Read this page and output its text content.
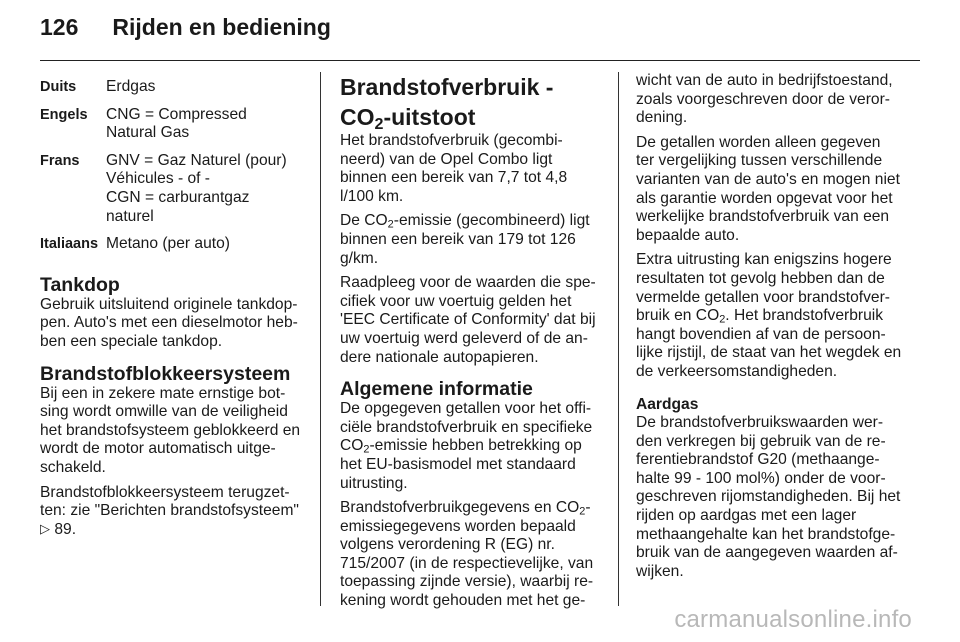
126 Rijden en bediening
Duits	Erdgas
Engels	CNG = Compressed
Natural Gas
Frans	GNV = Gaz Naturel (pour)
Véhicules - of -
CGN = carburantgaz
naturel
Italiaans Metano (per auto)
Tankdop

Gebruik uitsluitend originele tankdop-pen. Auto's met een dieselmotor heb-ben een speciale tankdop.

Brandstofblokkeersysteem

Bij een in zekere mate ernstige bot-sing wordt omwille van de veiligheid het brandstofsysteem geblokkeerd en wordt de motor automatisch uitge-schakeld.

Brandstofblokkeersysteem terugzet-ten: zie "Berichten brandstofsysteem"
▷ 89.

Brandstofverbruik - $CO_2$-uitstoot

Het brandstofverbruik (gecombi-neerd) van de Opel Combo ligt binnen een bereik van 7,7 tot 4,8 l/100 km.

De $CO_2$-emissie (gecombineerd) ligt binnen een bereik van 179 tot 126 g/km.

Raadpleeg voor de waarden die spe-cifiek voor uw voertuig gelden het 'EEC Certificate of Conformity' dat bij uw voertuig werd geleverd of de an-dere nationale autopapieren.

Algemene informatie

De opgegeven getallen voor het offi-ciële brandstofverbruik en specifieke $CO_2$-emissie hebben betrekking op het EU-basismodel met standaard uitrusting.

Brandstofverbruikgegevens en $CO_2$-emissiegegevens worden bepaald volgens verordening R (EG) nr. 715/2007 (in de respectievelijke, van toepassing zijnde versie), waarbij re-kening wordt gehouden met het ge-

wicht van de auto in bedrijfstoestand, zoals voorgeschreven door de veror-dening.

De getallen worden alleen gegeven ter vergelijking tussen verschillende varianten van de auto's en mogen niet als garantie worden opgevat voor het werkelijke brandstofverbruik van een bepaalde auto.

Extra uitrusting kan enigszins hogere resultaten tot gevolg hebben dan de vermelde getallen voor brandstofver-bruik en $CO_2$. Het brandstofverbruik hangt bovendien af van de persoon-lijke rijstijl, de staat van het wegdek en de verkeersomstandigheden.

Aardgas

De brandstofverbruikswaarden wer-den verkregen bij gebruik van de re-ferentiebrandstof G20 (methaange-halte 99 - 100 mol%) onder de voor-geschreven rijomstandigheden. Bij het rijden op aardgas met een lager methaangehalte kan het brandstofge-bruik van de aangegeven waarden af-wijken.

carmanualsonline.info
